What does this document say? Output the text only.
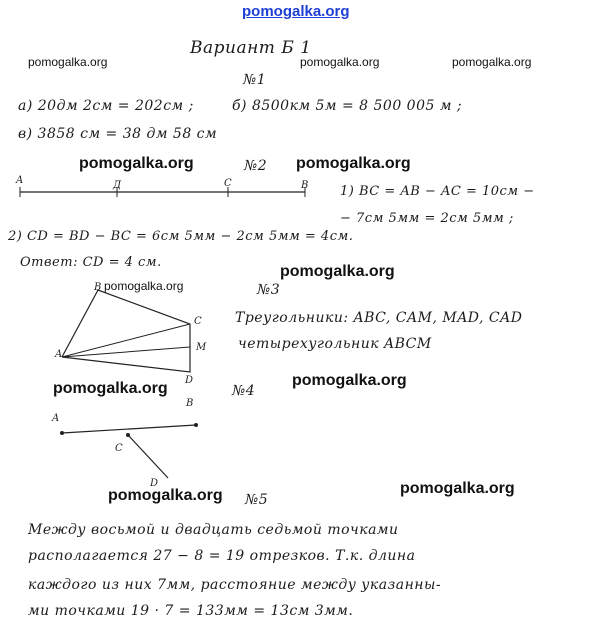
pomogalka.org
pomogalka.org	pomogalka.org	pomogalka.org
pomogalka.org	pomogalka.org
pomogalka.org
pomogalka.org
pomogalka.org	pomogalka.org
pomogalka.org	pomogalka.org
Вариант Б 1
№1
а) 20дм 2см = 202см ;	б) 8500км 5м = 8 500 005 м ;
в) 3858 см = 38 дм 58 см
№2
A	Д	C	B 1) BC = AB − AC = 10см −
− 7см 5мм = 2см 5мм ;
2) CD = BD − BC = 6см 5мм − 2см 5мм = 4см.
Ответ: CD = 4 см.
№3
A
B
C
M
D
Треугольники: ABC, CAM, MAD, CAD
четырехугольник ABCM
№4
A
B
C
D
№5
Между восьмой и двадцать седьмой точками
располагается 27 − 8 = 19 отрезков. Т.к. длина
каждого из них 7мм, расстояние между указанны-
ми точками 19 · 7 = 133мм = 13см 3мм.
